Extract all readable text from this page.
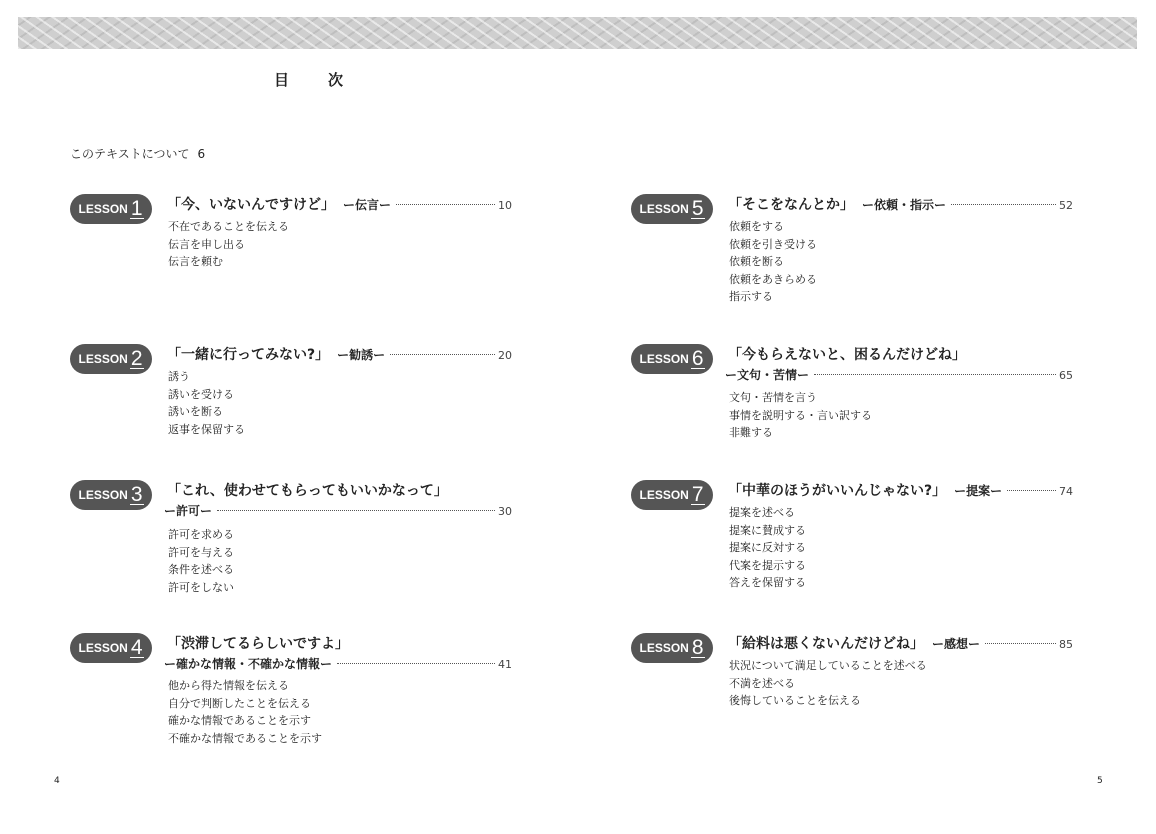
目　次
このテキストについて 6
LESSON 1 「今、いないんですけど」 ー伝言ー	10
不在であることを伝える
伝言を申し出る
伝言を頼む
LESSON 2 「一緒に行ってみない?」 ー勧誘ー	20
誘う
誘いを受ける
誘いを断る
返事を保留する
LESSON 3 「これ、使わせてもらってもいいかなって」
ー許可ー	30
許可を求める
許可を与える
条件を述べる
許可をしない
LESSON 4 「渋滞してるらしいですよ」
ー確かな情報・不確かな情報ー	41
他から得た情報を伝える
自分で判断したことを伝える
確かな情報であることを示す
不確かな情報であることを示す
LESSON 5 「そこをなんとか」 ー依頼・指示ー	52
依頼をする
依頼を引き受ける
依頼を断る
依頼をあきらめる
指示する
LESSON 6 「今もらえないと、困るんだけどね」
ー文句・苦情ー	65
文句・苦情を言う
事情を説明する・言い訳する
非難する
LESSON 7 「中華のほうがいいんじゃない?」 ー提案ー	74
提案を述べる
提案に賛成する
提案に反対する
代案を提示する
答えを保留する
LESSON 8 「給料は悪くないんだけどね」 ー感想ー	85
状況について満足していることを述べる
不満を述べる
後悔していることを伝える
4	5
